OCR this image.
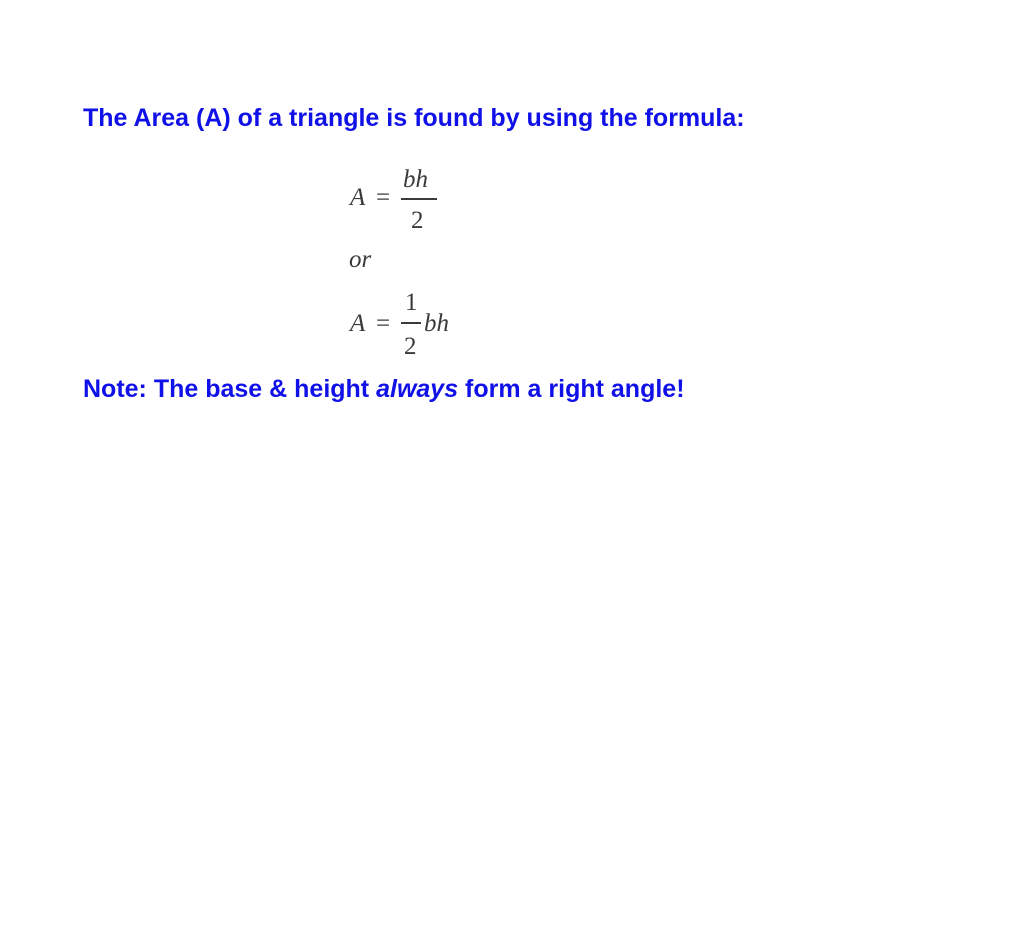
The Area (A) of a triangle is found by using the formula:
A =
bh
2
or
A =
1
2
bh
Note: The base & height always form a right angle!
